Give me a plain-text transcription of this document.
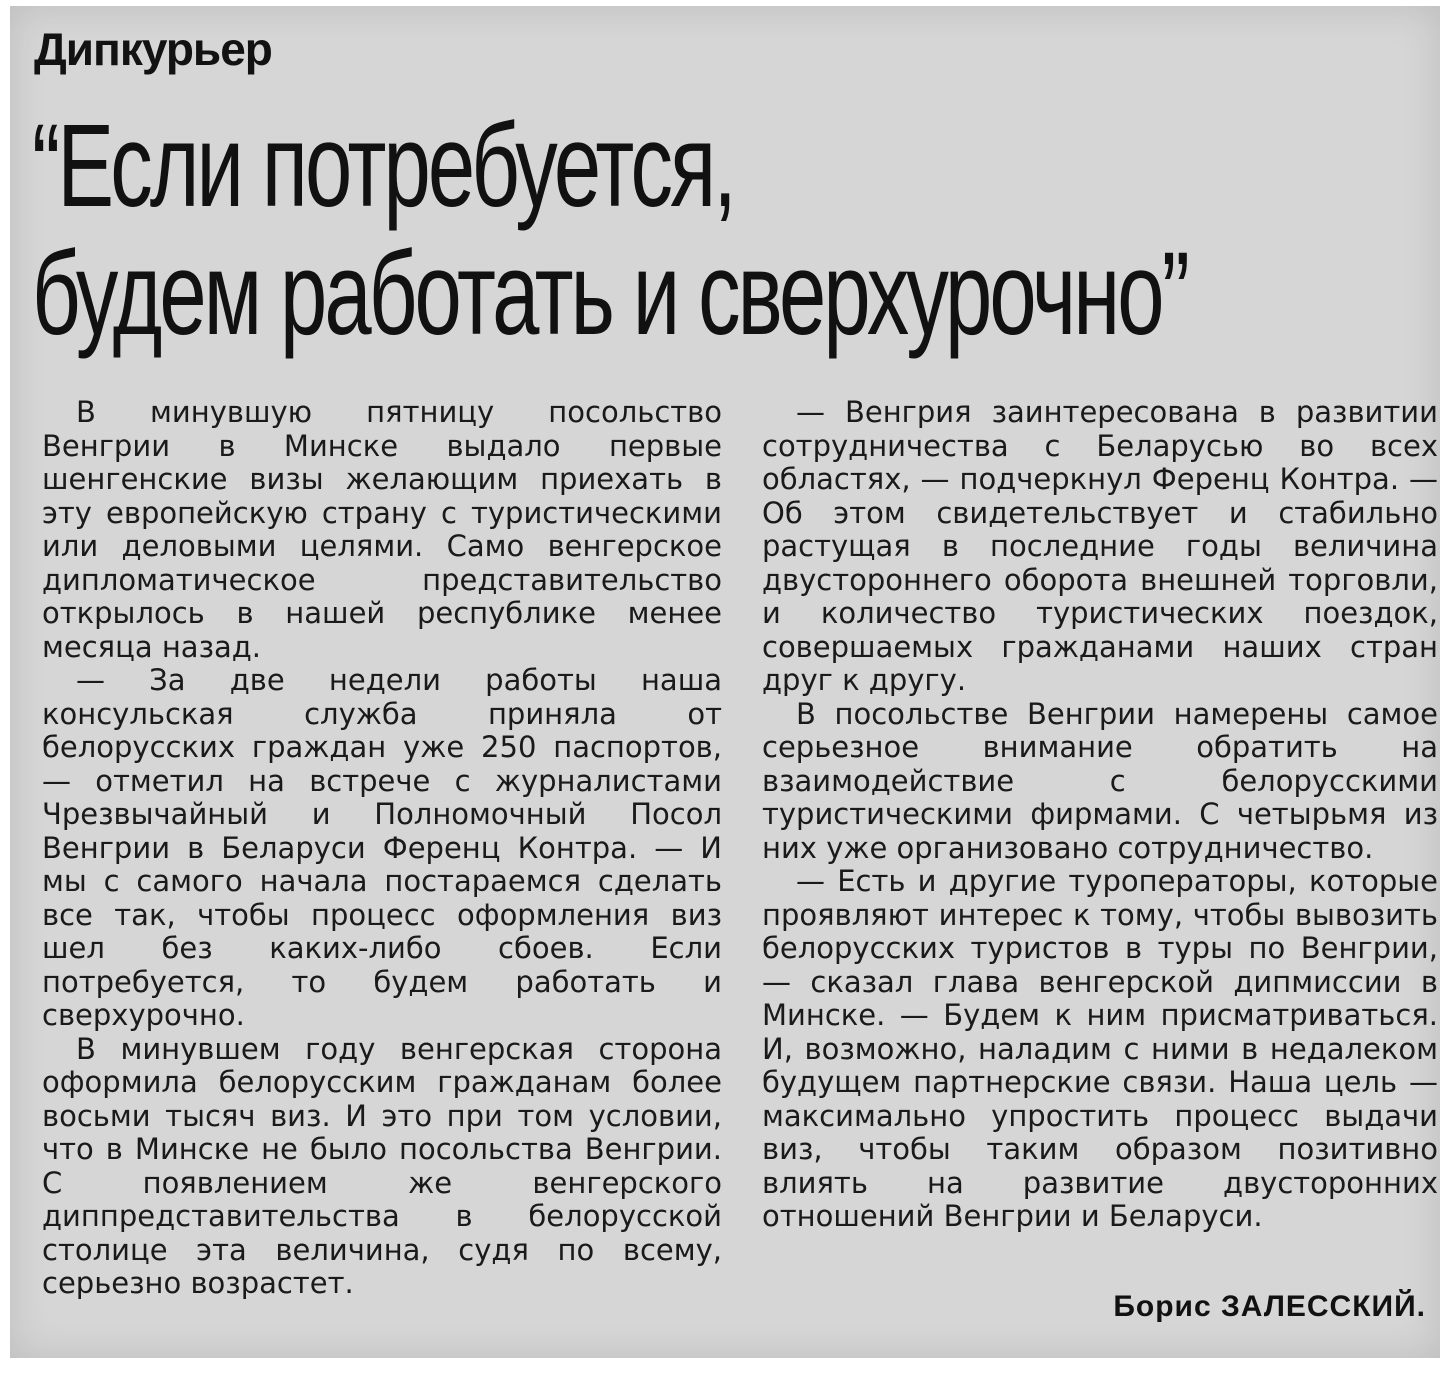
Дипкурьер
“Если потребуется,
будем работать и сверхурочно”

В минувшую пятницу посольство Венгрии в Минске выдало первые шенгенские визы желающим приехать в эту европейскую страну с туристическими или деловыми целями. Само венгерское дипломатическое представительство открылось в нашей республике менее месяца назад.

— За две недели работы наша консульская служба приняла от белорусских граждан уже 250 паспортов, — отметил на встрече с журналистами Чрезвычайный и Полномочный Посол Венгрии в Беларуси Ференц Контра. — И мы с самого начала постараемся сделать все так, чтобы процесс оформления виз шел без каких-либо сбоев. Если потребуется, то будем работать и сверхурочно.

В минувшем году венгерская сторона оформила белорусским гражданам более восьми тысяч виз. И это при том условии, что в Минске не было посольства Венгрии. С появлением же венгерского диппредставительства в белорусской столице эта величина, судя по всему, серьезно возрастет.

— Венгрия заинтересована в развитии сотрудничества с Беларусью во всех областях, — подчеркнул Ференц Контра. — Об этом свидетельствует и стабильно растущая в последние годы величина двустороннего оборота внешней торговли, и количество туристических поездок, совершаемых гражданами наших стран друг к другу.

В посольстве Венгрии намерены самое серьезное внимание обратить на взаимодействие с белорусскими туристическими фирмами. С четырьмя из них уже организовано сотрудничество.

— Есть и другие туроператоры, которые проявляют интерес к тому, чтобы вывозить белорусских туристов в туры по Венгрии, — сказал глава венгерской дипмиссии в Минске. — Будем к ним присматриваться. И, возможно, наладим с ними в недалеком будущем партнерские связи. Наша цель — максимально упростить процесс выдачи виз, чтобы таким образом позитивно влиять на развитие двусторонних отношений Венгрии и Беларуси.

Борис ЗАЛЕССКИЙ.
